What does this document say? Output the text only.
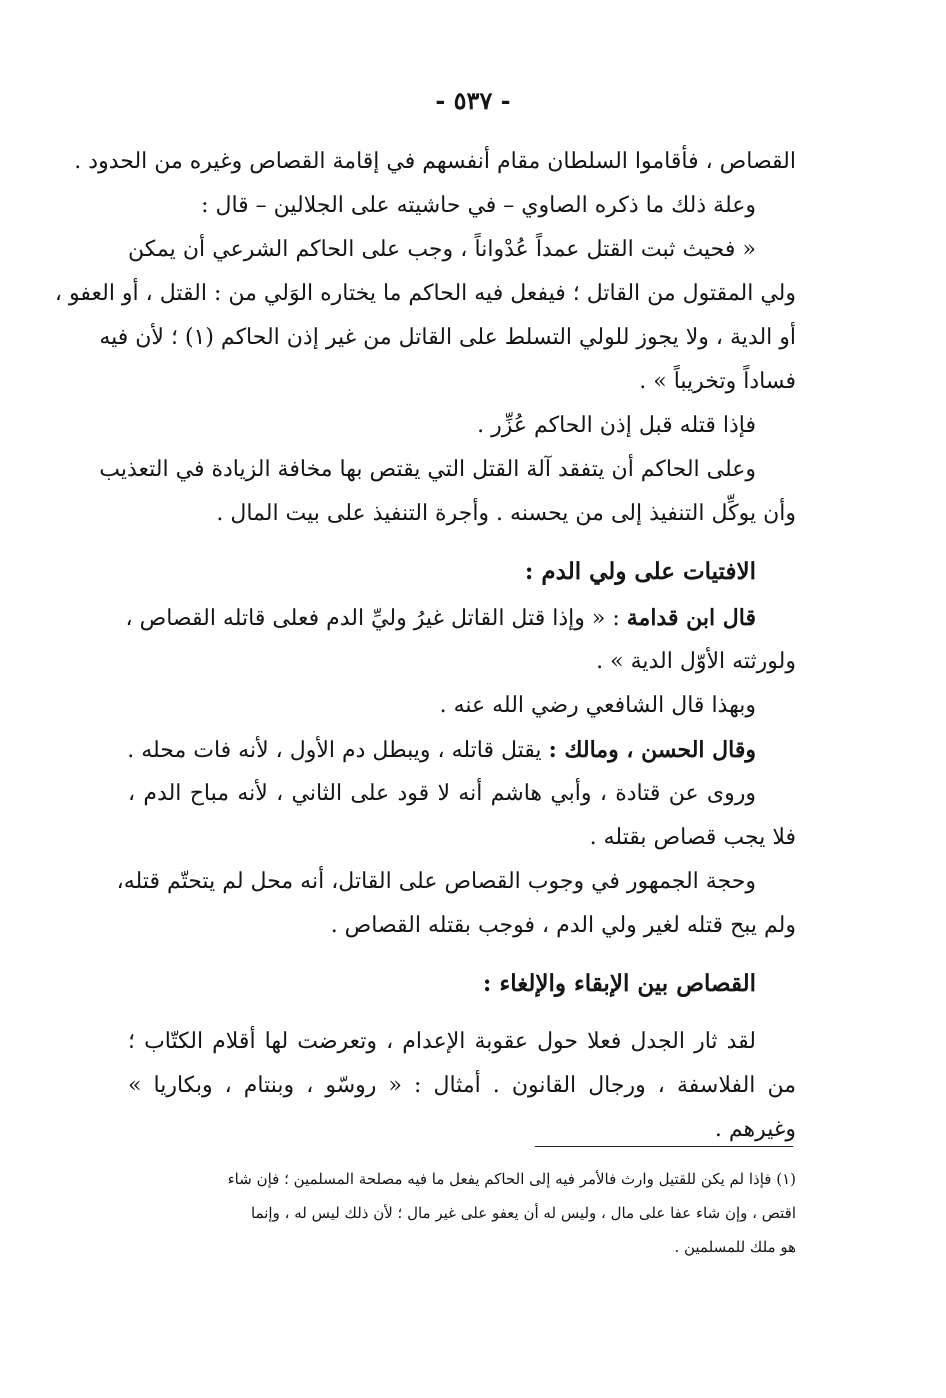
- ٥٣٧ -
القصاص ، فأقاموا السلطان مقام أنفسهم في إقامة القصاص وغيره من الحدود .
وعلة ذلك ما ذكره الصاوي – في حاشيته على الجلالين – قال :
« فحيث ثبت القتل عمداً عُدْواناً ، وجب على الحاكم الشرعي أن يمكن
ولي المقتول من القاتل ؛ فيفعل فيه الحاكم ما يختاره الوَلي من : القتل ، أو العفو ،
أو الدية ، ولا يجوز للولي التسلط على القاتل من غير إذن الحاكم (١) ؛ لأن فيه
فساداً وتخريباً » .
فإذا قتله قبل إذن الحاكم عُزِّر .
وعلى الحاكم أن يتفقد آلة القتل التي يقتص بها مخافة الزيادة في التعذيب
وأن يوكِّل التنفيذ إلى من يحسنه . وأجرة التنفيذ على بيت المال .
الافتيات على ولي الدم :
قال ابن قدامة : « وإذا قتل القاتل غيرُ وليِّ الدم فعلى قاتله القصاص ،
ولورثته الأوّل الدية » .
وبهذا قال الشافعي رضي الله عنه .
وقال الحسن ، ومالك : يقتل قاتله ، ويبطل دم الأول ، لأنه فات محله .
وروى عن قتادة ، وأبي هاشم أنه لا قود على الثاني ، لأنه مباح الدم ،
فلا يجب قصاص بقتله .
وحجة الجمهور في وجوب القصاص على القاتل، أنه محل لم يتحتّم قتله،
ولم يبح قتله لغير ولي الدم ، فوجب بقتله القصاص .
القصاص بين الإبقاء والإلغاء :
لقد ثار الجدل فعلا حول عقوبة الإعدام ، وتعرضت لها أقلام الكتّاب ؛
من الفلاسفة ، ورجال القانون . أمثال : « روسّو ، وبنتام ، وبكاريا »
وغيرهم .
(١) فإذا لم يكن للقتيل وارث فالأمر فيه إلى الحاكم يفعل ما فيه مصلحة المسلمين ؛ فإن شاء
اقتص ، وإن شاء عفا على مال ، وليس له أن يعفو على غير مال ؛ لأن ذلك ليس له ، وإنما
هو ملك للمسلمين .
